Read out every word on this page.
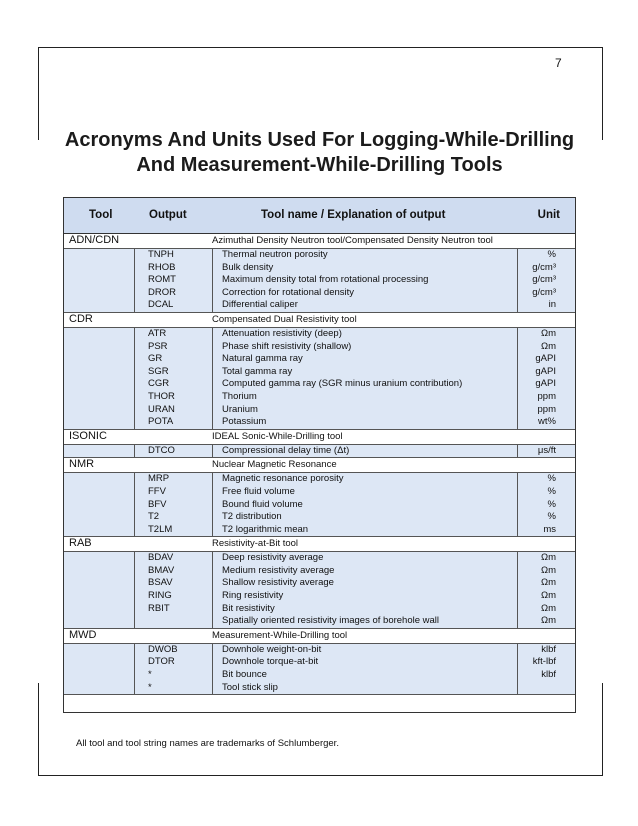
7
Acronyms And Units Used For Logging-While-Drilling
And Measurement-While-Drilling Tools
Tool	Output	Tool name / Explanation of output	Unit
ADN/CDN	Azimuthal Density Neutron tool/Compensated Density Neutron tool
TNPH	Thermal neutron porosity	%
RHOB	Bulk density	g/cm³
ROMT	Maximum density total from rotational processing	g/cm³
DROR	Correction for rotational density	g/cm³
DCAL	Differential caliper	in
CDR	Compensated Dual Resistivity tool
ATR	Attenuation resistivity (deep)	Ωm
PSR	Phase shift resistivity (shallow)	Ωm
GR	Natural gamma ray	gAPI
SGR	Total gamma ray	gAPI
CGR	Computed gamma ray (SGR minus uranium contribution)	gAPI
THOR	Thorium	ppm
URAN	Uranium	ppm
POTA	Potassium	wt%
ISONIC	IDEAL Sonic-While-Drilling tool
DTCO	Compressional delay time (Δt)	μs/ft
NMR	Nuclear Magnetic Resonance
MRP	Magnetic resonance porosity	%
FFV	Free fluid volume	%
BFV	Bound fluid volume	%
T2	T2 distribution	%
T2LM	T2 logarithmic mean	ms
RAB	Resistivity-at-Bit tool
BDAV	Deep resistivity average	Ωm
BMAV	Medium resistivity average	Ωm
BSAV	Shallow resistivity average	Ωm
RING	Ring resistivity	Ωm
RBIT	Bit resistivity	Ωm
Spatially oriented resistivity images of borehole wall	Ωm
MWD	Measurement-While-Drilling tool
DWOB	Downhole weight-on-bit	klbf
DTOR	Downhole torque-at-bit	kft-lbf
*	Bit bounce	klbf
*	Tool stick slip
All tool and tool string names are trademarks of Schlumberger.
